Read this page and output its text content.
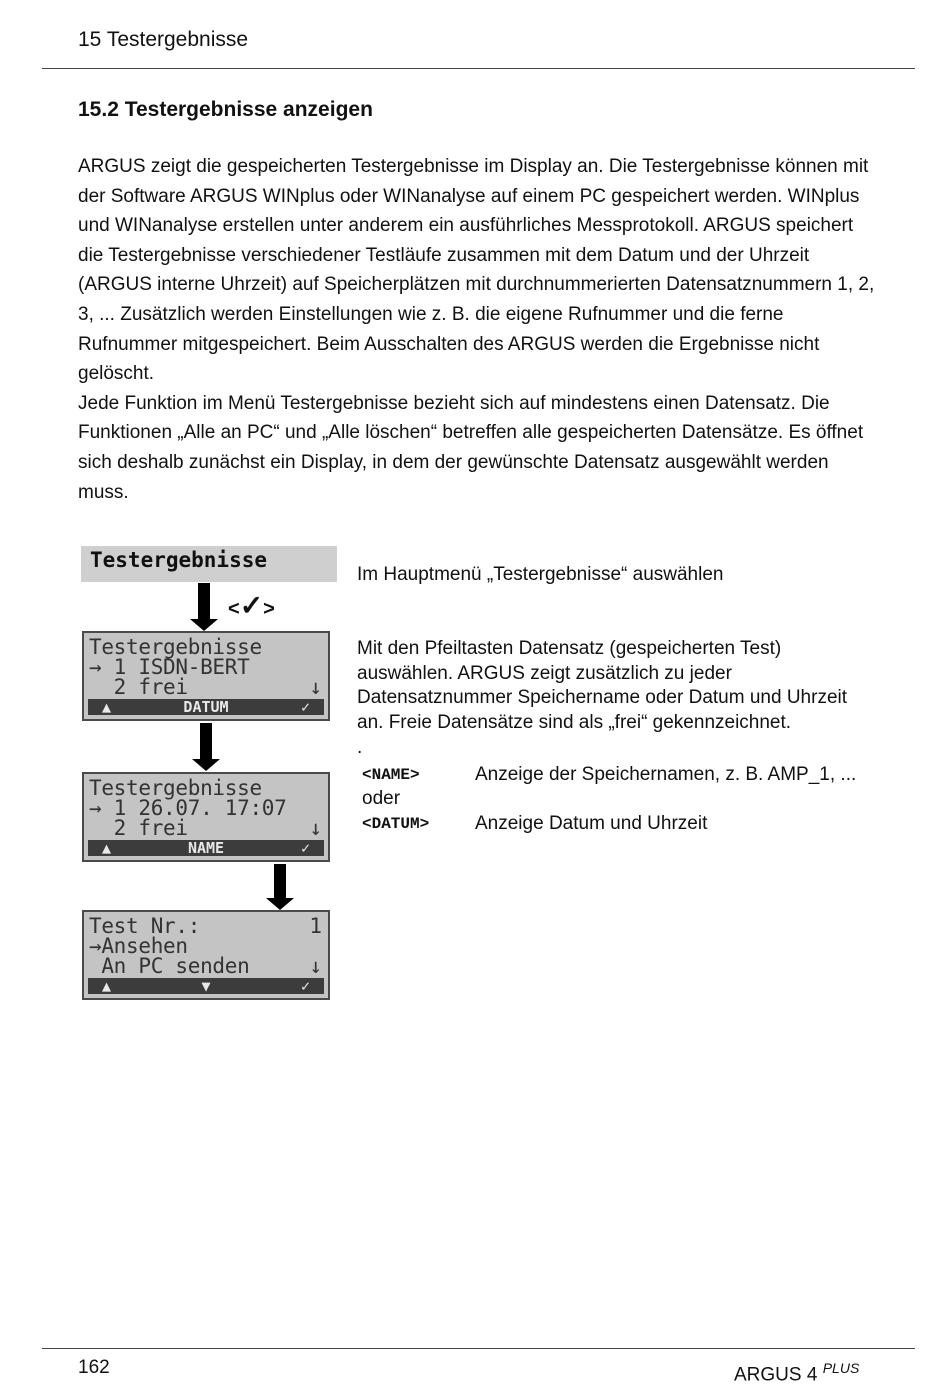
15 Testergebnisse
15.2 Testergebnisse anzeigen

ARGUS zeigt die gespeicherten Testergebnisse im Display an. Die Testergebnisse können mit der Software ARGUS WINplus oder WINanalyse auf einem PC gespeichert werden. WINplus und WINanalyse erstellen unter anderem ein ausführliches Messprotokoll. ARGUS speichert die Testergebnisse verschiedener Testläufe zusammen mit dem Datum und der Uhrzeit (ARGUS interne Uhrzeit) auf Speicherplätzen mit durchnummerierten Datensatznummern 1, 2, 3, ... Zusätzlich werden Einstellungen wie z. B. die eigene Rufnummer und die ferne Rufnummer mitgespeichert. Beim Ausschalten des ARGUS werden die Ergebnisse nicht gelöscht.

Jede Funktion im Menü Testergebnisse bezieht sich auf mindestens einen Datensatz. Die Funktionen „Alle an PC“ und „Alle löschen“ betreffen alle gespeicherten Datensätze. Es öffnet sich deshalb zunächst ein Display, in dem der gewünschte Datensatz ausgewählt werden muss.

Testergebnisse
<✓>
Testergebnisse
→ 1 ISDN-BERT
2 frei	↓
▲	DATUM	✓
Testergebnisse
→ 1 26.07. 17:07
2 frei	↓
▲	NAME	✓
Test Nr.:	1
→Ansehen
An PC senden	↓
▲	▼	✓
Im Hauptmenü „Testergebnisse“ auswählen
Mit den Pfeiltasten Datensatz (gespeicherten Test) auswählen. ARGUS zeigt zusätzlich zu jeder Datensatznummer Speichername oder Datum und Uhrzeit an. Freie Datensätze sind als „frei“ gekennzeichnet.
.
<NAME>	Anzeige der Speichernamen, z. B. AMP_1, ...
oder
<DATUM> Anzeige Datum und Uhrzeit
162	ARGUS 4 $^{PLUS}$
